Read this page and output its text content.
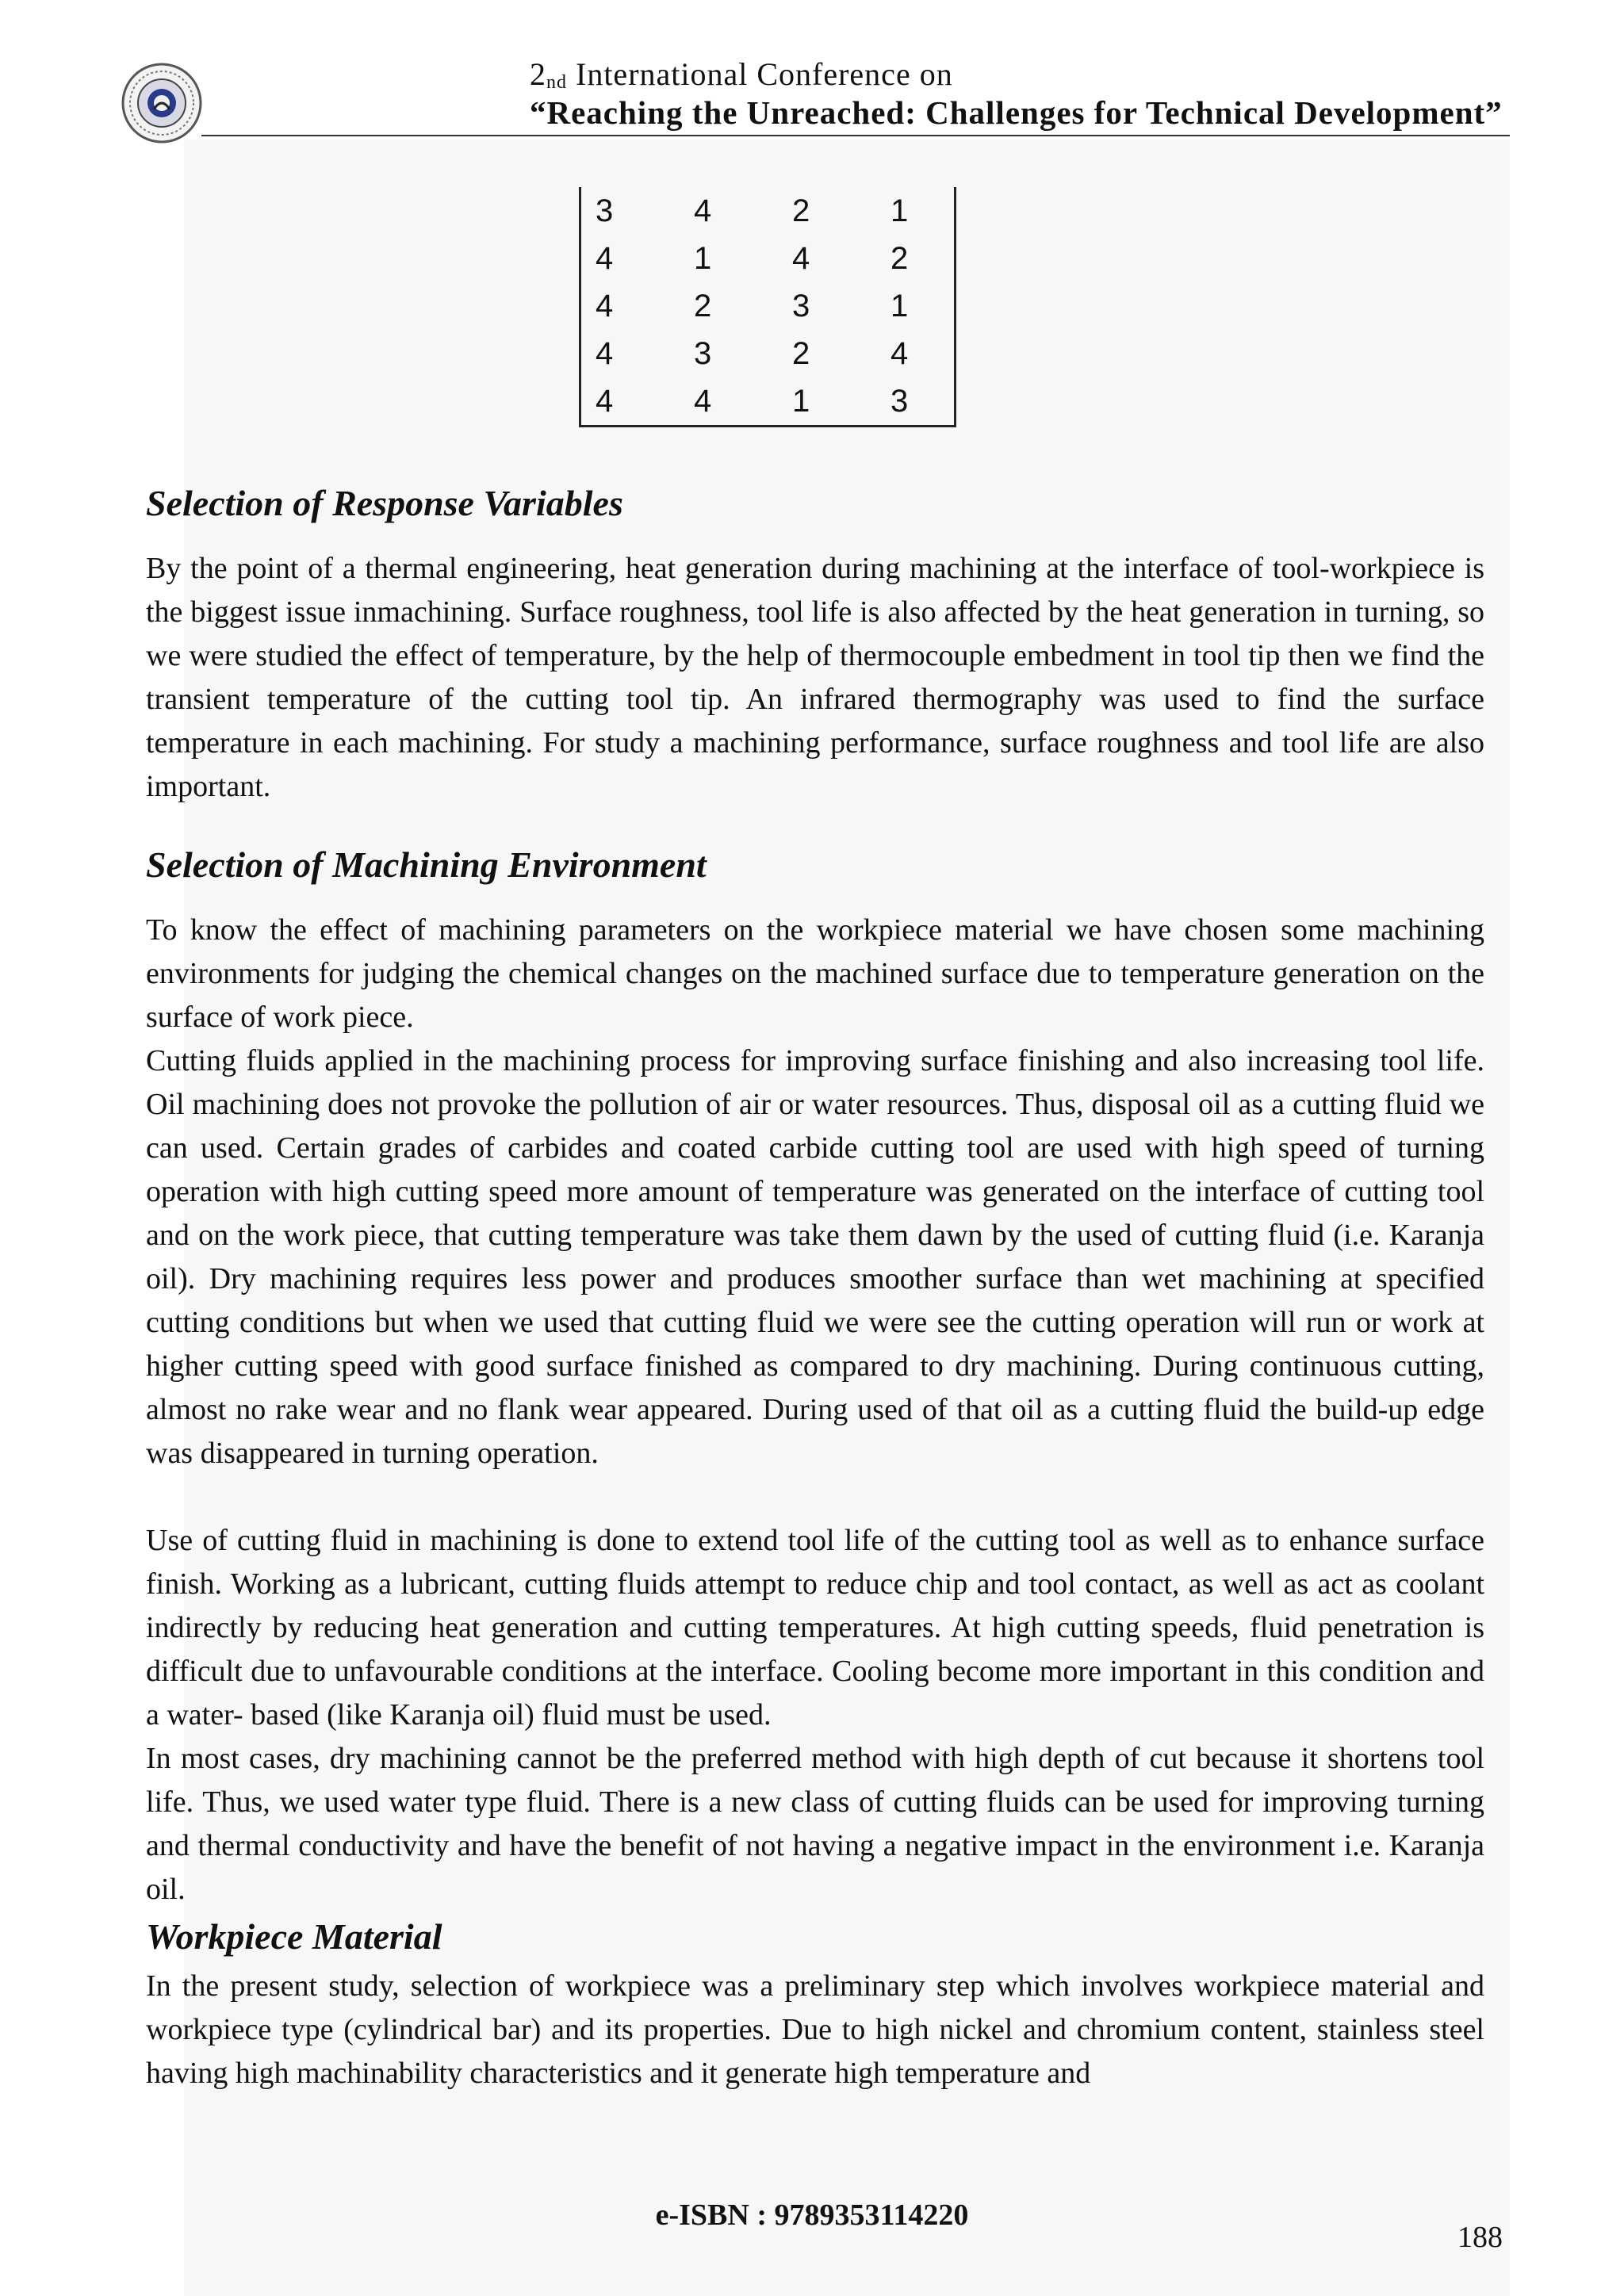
2nd International Conference on
“Reaching the Unreached: Challenges for Technical Development”
3	4	2	1
4	1	4	2
4	2	3	1
4	3	2	4
4	4	1	3
Selection of Response Variables
By the point of a thermal engineering, heat generation during machining at the interface of tool-workpiece is the biggest issue inmachining. Surface roughness, tool life is also affected by the heat generation in turning, so we were studied the effect of temperature, by the help of thermocouple embedment in tool tip then we find the transient temperature of the cutting tool tip. An infrared thermography was used to find the surface temperature in each machining. For study a machining performance, surface roughness and tool life are also important.
Selection of Machining Environment
To know the effect of machining parameters on the workpiece material we have chosen some machining environments for judging the chemical changes on the machined surface due to temperature generation on the surface of work piece.
Cutting fluids applied in the machining process for improving surface finishing and also increasing tool life. Oil machining does not provoke the pollution of air or water resources. Thus, disposal oil as a cutting fluid we can used. Certain grades of carbides and coated carbide cutting tool are used with high speed of turning operation with high cutting speed more amount of temperature was generated on the interface of cutting tool and on the work piece, that cutting temperature was take them dawn by the used of cutting fluid (i.e. Karanja oil). Dry machining requires less power and produces smoother surface than wet machining at specified cutting conditions but when we used that cutting fluid we were see the cutting operation will run or work at higher cutting speed with good surface finished as compared to dry machining. During continuous cutting, almost no rake wear and no flank wear appeared. During used of that oil as a cutting fluid the build-up edge was disappeared in turning operation.
Use of cutting fluid in machining is done to extend tool life of the cutting tool as well as to enhance surface finish. Working as a lubricant, cutting fluids attempt to reduce chip and tool contact, as well as act as coolant indirectly by reducing heat generation and cutting temperatures. At high cutting speeds, fluid penetration is difficult due to unfavourable conditions at the interface. Cooling become more important in this condition and a water- based (like Karanja oil) fluid must be used.
In most cases, dry machining cannot be the preferred method with high depth of cut because it shortens tool life. Thus, we used water type fluid. There is a new class of cutting fluids can be used for improving turning and thermal conductivity and have the benefit of not having a negative impact in the environment i.e. Karanja oil.
Workpiece Material
In the present study, selection of workpiece was a preliminary step which involves workpiece material and workpiece type (cylindrical bar) and its properties. Due to high nickel and chromium content, stainless steel having high machinability characteristics and it generate high temperature and
e-ISBN : 9789353114220
188
